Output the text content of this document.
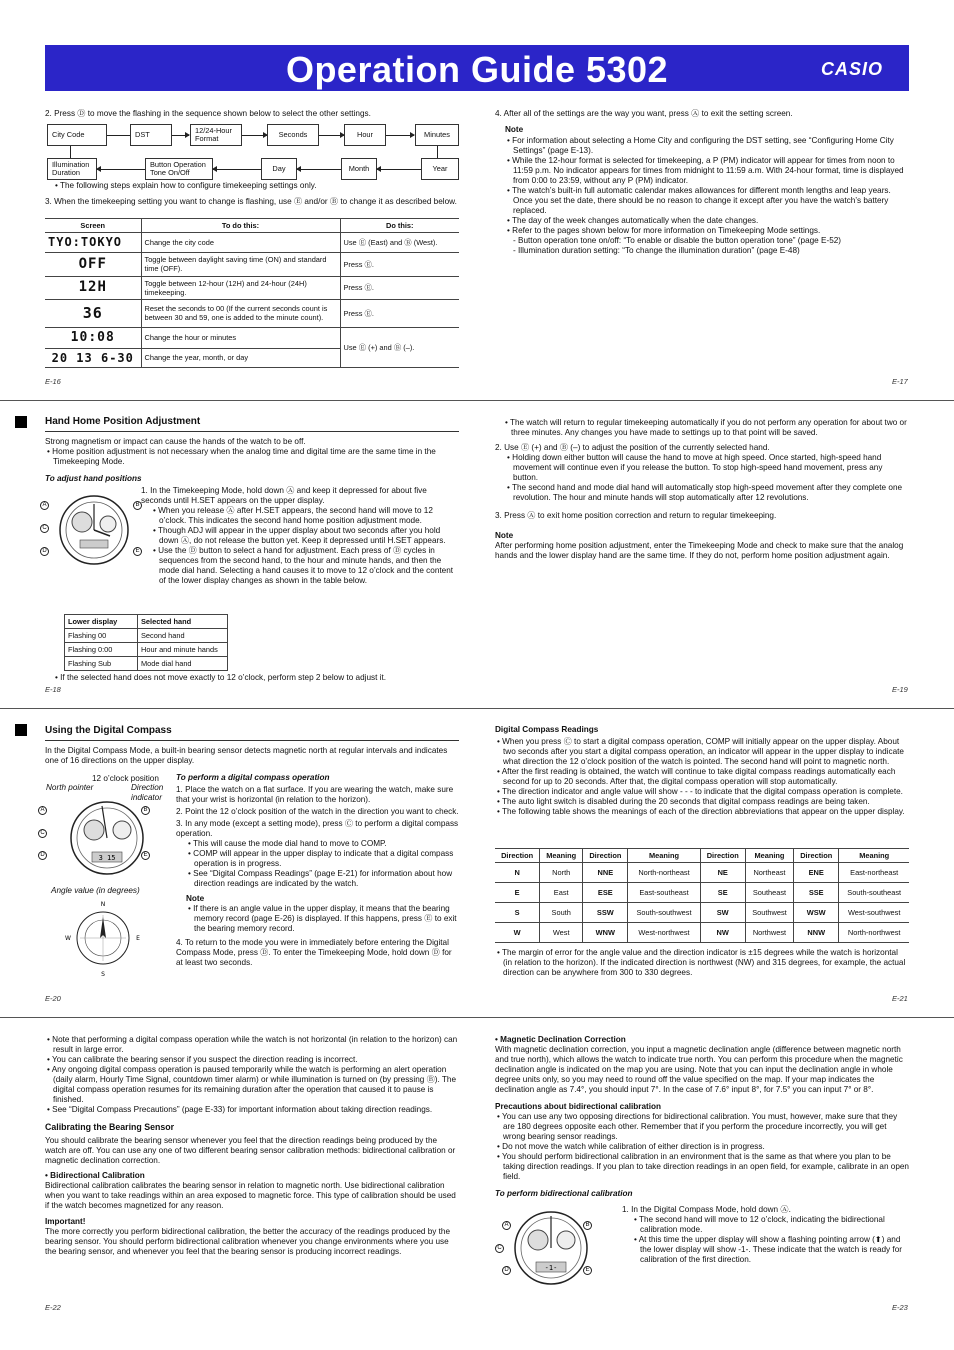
Operation Guide 5302	CASIO
2. Press Ⓓ to move the flashing in the sequence shown below to select the other settings.
City Code	DST	12/24-Hour Format	Seconds	Hour	Minutes
Illumination Duration
Button Operation Tone On/Off	Day	Month	Year
• The following steps explain how to configure timekeeping settings only.
3. When the timekeeping setting you want to change is flashing, use Ⓔ and/or Ⓑ to change it as described below.
Screen	To do this:	Do this:
TYO:TOKYO	Change the city code	Use Ⓔ (East) and Ⓑ (West).
OFF	Toggle between daylight saving time (ON) and standard time (OFF).	Press Ⓔ.
12H	Toggle between 12-hour (12H) and 24-hour (24H) timekeeping.	Press Ⓔ.
36	Reset the seconds to 00 (If the current seconds count is between 30 and 59, one is added to the minute count).	Press Ⓔ.
10:08	Change the hour or minutes	Use Ⓔ (+) and Ⓑ (–).
20 13 6-30	Change the year, month, or day	
E-16
4. After all of the settings are the way you want, press Ⓐ to exit the setting screen.
Note
• For information about selecting a Home City and configuring the DST setting, see “Configuring Home City Settings” (page E-13).
• While the 12-hour format is selected for timekeeping, a P (PM) indicator will appear for times from noon to 11:59 p.m. No indicator appears for times from midnight to 11:59 a.m. With 24-hour format, time is displayed from 0:00 to 23:59, without any P (PM) indicator.
• The watch’s built-in full automatic calendar makes allowances for different month lengths and leap years. Once you set the date, there should be no reason to change it except after you have the watch’s battery replaced.
• The day of the week changes automatically when the date changes.
• Refer to the pages shown below for more information on Timekeeping Mode settings.
- Button operation tone on/off: “To enable or disable the button operation tone” (page E-52)
- Illumination duration setting: “To change the illumination duration” (page E-48)
E-17
Hand Home Position Adjustment
Strong magnetism or impact can cause the hands of the watch to be off.
• Home position adjustment is not necessary when the analog time and digital time are the same time in the Timekeeping Mode.
To adjust hand positions
A
C
D
B
E
1. In the Timekeeping Mode, hold down Ⓐ and keep it depressed for about five seconds until H.SET appears on the upper display.
• When you release Ⓐ after H.SET appears, the second hand will move to 12 o’clock. This indicates the second hand home position adjustment mode.
• Though ADJ will appear in the upper display about two seconds after you hold down Ⓐ, do not release the button yet. Keep it depressed until H.SET appears.
• Use the Ⓓ button to select a hand for adjustment. Each press of Ⓓ cycles in sequences from the second hand, to the hour and minute hands, and then the mode dial hand. Selecting a hand causes it to move to 12 o’clock and the content of the lower display changes as shown in the table below.
Lower display	Selected hand
Flashing 00	Second hand
Flashing 0:00	Hour and minute hands
Flashing Sub	Mode dial hand
• If the selected hand does not move exactly to 12 o’clock, perform step 2 below to adjust it.
E-18
• The watch will return to regular timekeeping automatically if you do not perform any operation for about two or three minutes. Any changes you have made to settings up to that point will be saved.
2. Use Ⓔ (+) and Ⓑ (–) to adjust the position of the currently selected hand.
• Holding down either button will cause the hand to move at high speed. Once started, high-speed hand movement will continue even if you release the button. To stop high-speed hand movement, press any button.
• The second hand and mode dial hand will automatically stop high-speed movement after they complete one revolution. The hour and minute hands will stop automatically after 12 revolutions.
3. Press Ⓐ to exit home position correction and return to regular timekeeping.
Note
After performing home position adjustment, enter the Timekeeping Mode and check to make sure that the analog hands and the lower display hand are the same time. If they do not, perform home position adjustment again.
E-19
Using the Digital Compass
In the Digital Compass Mode, a built-in bearing sensor detects magnetic north at regular intervals and indicates one of 16 directions on the upper display.
12 o’clock position
North pointer	Direction indicator
3 15
A
C
D
B
E
Angle value (in degrees)
N
E
S
W
To perform a digital compass operation
1. Place the watch on a flat surface. If you are wearing the watch, make sure that your wrist is horizontal (in relation to the horizon).
2. Point the 12 o’clock position of the watch in the direction you want to check.
3. In any mode (except a setting mode), press Ⓒ to perform a digital compass operation.
• This will cause the mode dial hand to move to COMP.
• COMP will appear in the upper display to indicate that a digital compass operation is in progress.
• See “Digital Compass Readings” (page E-21) for information about how direction readings are indicated by the watch.
Note
• If there is an angle value in the upper display, it means that the bearing memory record (page E-26) is displayed. If this happens, press Ⓔ to exit the bearing memory record.
4. To return to the mode you were in immediately before entering the Digital Compass Mode, press Ⓓ. To enter the Timekeeping Mode, hold down Ⓓ for at least two seconds.
E-20
Digital Compass Readings
• When you press Ⓒ to start a digital compass operation, COMP will initially appear on the upper display. About two seconds after you start a digital compass operation, an indicator will appear in the upper display to indicate what direction the 12 o’clock position of the watch is pointed. The second hand will point to magnetic north.
• After the first reading is obtained, the watch will continue to take digital compass readings automatically each second for up to 20 seconds. After that, the digital compass operation will stop automatically.
• The direction indicator and angle value will show - - - to indicate that the digital compass operation is complete.
• The auto light switch is disabled during the 20 seconds that digital compass readings are being taken.
• The following table shows the meanings of each of the direction abbreviations that appear on the upper display.
Direction	Meaning	Direction	Meaning	Direction	Meaning	Direction	Meaning
N	North	NNE	North-northeast	NE	Northeast	ENE	East-northeast
E	East	ESE	East-southeast	SE	Southeast	SSE	South-southeast
S	South	SSW	South-southwest	SW	Southwest	WSW	West-southwest
W	West	WNW	West-northwest	NW	Northwest	NNW	North-northwest
• The margin of error for the angle value and the direction indicator is ±15 degrees while the watch is horizontal (in relation to the horizon). If the indicated direction is northwest (NW) and 315 degrees, for example, the actual direction can be anywhere from 300 to 330 degrees.
E-21
• Note that performing a digital compass operation while the watch is not horizontal (in relation to the horizon) can result in large error.
• You can calibrate the bearing sensor if you suspect the direction reading is incorrect.
• Any ongoing digital compass operation is paused temporarily while the watch is performing an alert operation (daily alarm, Hourly Time Signal, countdown timer alarm) or while illumination is turned on (by pressing Ⓑ). The digital compass operation resumes for its remaining duration after the operation that caused it to pause is finished.
• See “Digital Compass Precautions” (page E-33) for important information about taking direction readings.
Calibrating the Bearing Sensor
You should calibrate the bearing sensor whenever you feel that the direction readings being produced by the watch are off. You can use any one of two different bearing sensor calibration methods: bidirectional calibration or magnetic declination correction.
• Bidirectional Calibration
Bidirectional calibration calibrates the bearing sensor in relation to magnetic north. Use bidirectional calibration when you want to take readings within an area exposed to magnetic force. This type of calibration should be used if the watch becomes magnetized for any reason.
Important!
The more correctly you perform bidirectional calibration, the better the accuracy of the readings produced by the bearing sensor. You should perform bidirectional calibration whenever you change environments where you use the bearing sensor, and whenever you feel that the bearing sensor is producing incorrect readings.
E-22
• Magnetic Declination Correction
With magnetic declination correction, you input a magnetic declination angle (difference between magnetic north and true north), which allows the watch to indicate true north. You can perform this procedure when the magnetic declination angle is indicated on the map you are using. Note that you can input the declination angle in whole degree units only, so you may need to round off the value specified on the map. If your map indicates the declination angle as 7.4°, you should input 7°. In the case of 7.6° input 8°, for 7.5° you can input 7° or 8°.
Precautions about bidirectional calibration
• You can use any two opposing directions for bidirectional calibration. You must, however, make sure that they are 180 degrees opposite each other. Remember that if you perform the procedure incorrectly, you will get wrong bearing sensor readings.
• Do not move the watch while calibration of either direction is in progress.
• You should perform bidirectional calibration in an environment that is the same as that where you plan to be taking direction readings. If you plan to take direction readings in an open field, for example, calibrate in an open field.
To perform bidirectional calibration
-1-
A
C
D
B
E
1. In the Digital Compass Mode, hold down Ⓐ.
• The second hand will move to 12 o’clock, indicating the bidirectional calibration mode.
• At this time the upper display will show a flashing pointing arrow (⬆) and the lower display will show -1-. These indicate that the watch is ready for calibration of the first direction.
E-23
